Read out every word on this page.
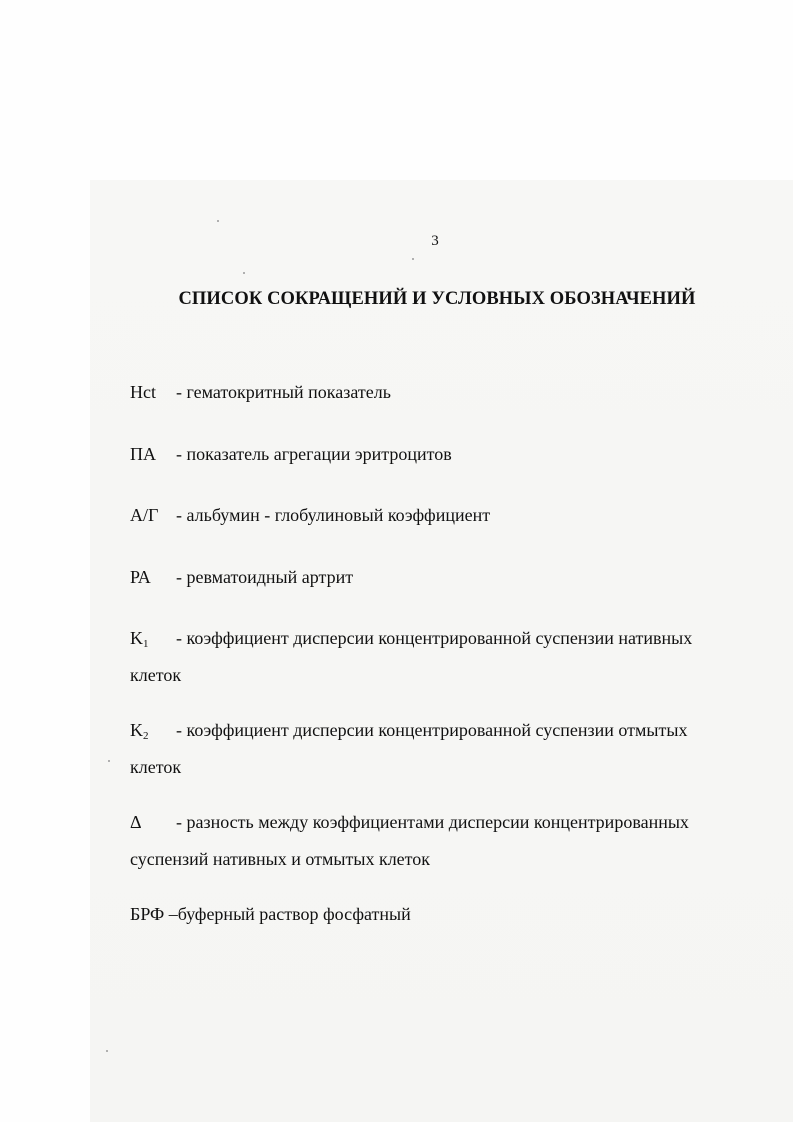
3
СПИСОК СОКРАЩЕНИЙ И УСЛОВНЫХ ОБОЗНАЧЕНИЙ
Hct - гематокритный показатель
ПА - показатель агрегации эритроцитов
А/Г - альбумин - глобулиновый коэффициент
РА - ревматоидный артрит
$K_1$ - коэффициент дисперсии концентрированной суспензии нативных
клеток
$K_2$ - коэффициент дисперсии концентрированной суспензии отмытых
клеток
Δ - разность между коэффициентами дисперсии концентрированных
суспензий нативных и отмытых клеток
БРФ –буферный раствор фосфатный
